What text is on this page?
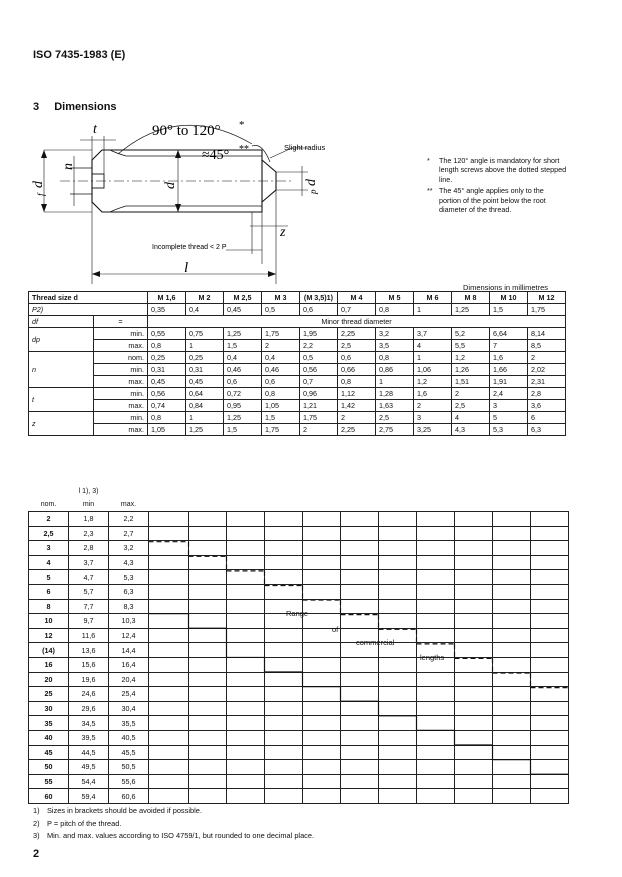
ISO 7435-1983 (E)
3 Dimensions
90° to 120° *
≈45° **	Slight radius
t
n
d
f
d	d
p
z
Incomplete thread < 2 P
l
*	The 120° angle is mandatory for short length screws above the dotted stepped line.
** The 45° angle applies only to the portion of the point below the root diameter of the thread.
Dimensions in millimetres
Thread size d		M 1,6	M 2	M 2,5	M 3	(M 3,5)1)	M 4	M 5	M 6	M 8	M 10	M 12
P2)		0,35	0,4	0,45	0,5	0,6	0,7	0,8	1	1,25	1,5	1,75
df	=	Minor thread diameter										
dp	min.	0,55	0,75	1,25	1,75	1,95	2,25	3,2	3,7	5,2	6,64	8,14
	max.	0,8	1	1,5	2	2,2	2,5	3,5	4	5,5	7	8,5
n	nom.	0,25	0,25	0,4	0,4	0,5	0,6	0,8	1	1,2	1,6	2
	min.	0,31	0,31	0,46	0,46	0,56	0,66	0,86	1,06	1,26	1,66	2,02
	max.	0,45	0,45	0,6	0,6	0,7	0,8	1	1,2	1,51	1,91	2,31
t	min.	0,56	0,64	0,72	0,8	0,96	1,12	1,28	1,6	2	2,4	2,8
	max.	0,74	0,84	0,95	1,05	1,21	1,42	1,63	2	2,5	3	3,6
z	min.	0,8	1	1,25	1,5	1,75	2	2,5	3	4	5	6
	max.	1,05	1,25	1,5	1,75	2	2,25	2,75	3,25	4,3	5,3	6,3
	l 1), 3)												
nom.	min	max.											
2	1,8	2,2											
2,5	2,3	2,7											
3	2,8	3,2											
4	3,7	4,3											
5	4,7	5,3											
6	5,7	6,3											
8	7,7	8,3											
10	9,7	10,3											
12	11,6	12,4											
(14)	13,6	14,4											
16	15,6	16,4											
20	19,6	20,4											
25	24,6	25,4											
30	29,6	30,4											
35	34,5	35,5											
40	39,5	40,5											
45	44,5	45,5											
50	49,5	50,5											
55	54,4	55,6											
60	59,4	60,6											
Range
of
commercial
lengths
1)	Sizes in brackets should be avoided if possible.
2)	P = pitch of the thread.
3)	Min. and max. values according to ISO 4759/1, but rounded to one decimal place.
2
